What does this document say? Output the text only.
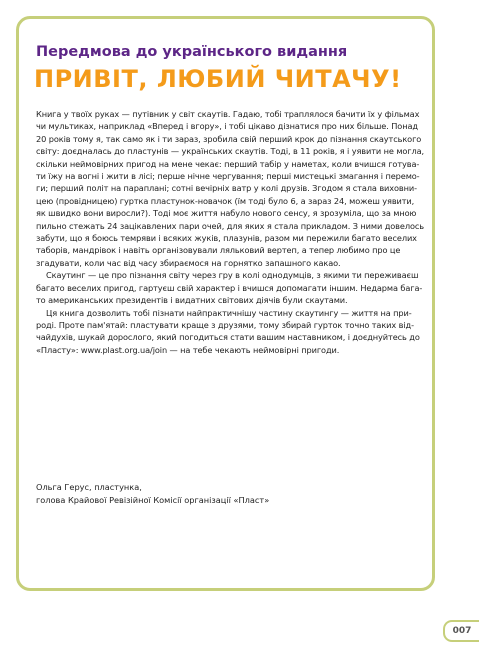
Передмова до українського видання
ПРИВІТ, ЛЮБИЙ ЧИТАЧУ!
Книга у твоїх руках — путівник у світ скаутів. Гадаю, тобі траплялося бачити їх у фільмах
чи мультиках, наприклад «Вперед і вгору», і тобі цікаво дізнатися про них більше. Понад
20 років тому я, так само як і ти зараз, зробила свій перший крок до пізнання скаутського
світу: доєдналась до пластунів — українських скаутів. Тоді, в 11 років, я і уявити не могла,
скільки неймовірних пригод на мене чекає: перший табір у наметах, коли вчишся готува-
ти їжу на вогні і жити в лісі; перше нічне чергування; перші мистецькі змагання і перемо-
ги; перший політ на параплані; сотні вечірніх ватр у колі друзів. Згодом я стала виховни-
цею (провідницею) гуртка пластунок-новачок (їм тоді було 6, а зараз 24, можеш уявити,
як швидко вони виросли?). Тоді моє життя набуло нового сенсу, я зрозуміла, що за мною
пильно стежать 24 зацікавлених пари очей, для яких я стала прикладом. З ними довелось
забути, що я боюсь темряви і всяких жуків, плазунів, разом ми пережили багато веселих
таборів, мандрівок і навіть організовували ляльковий вертеп, а тепер любимо про це
згадувати, коли час від часу збираємося на горнятко запашного какао.
Скаутинг — це про пізнання світу через гру в колі однодумців, з якими ти переживаєш
багато веселих пригод, гартуєш свій характер і вчишся допомагати іншим. Недарма бага-
то американських президентів і видатних світових діячів були скаутами.
Ця книга дозволить тобі пізнати найпрактичнішу частину скаутингу — життя на при-
роді. Проте пам'ятай: пластувати краще з друзями, тому збирай гурток точно таких від-
чайдухів, шукай дорослого, який погодиться стати вашим наставником, і доєднуйтесь до
«Пласту»: www.plast.org.ua/join — на тебе чекають неймовірні пригоди.
Ольга Герус, пластунка,
голова Крайової Ревізійної Комісії організації «Пласт»
007
